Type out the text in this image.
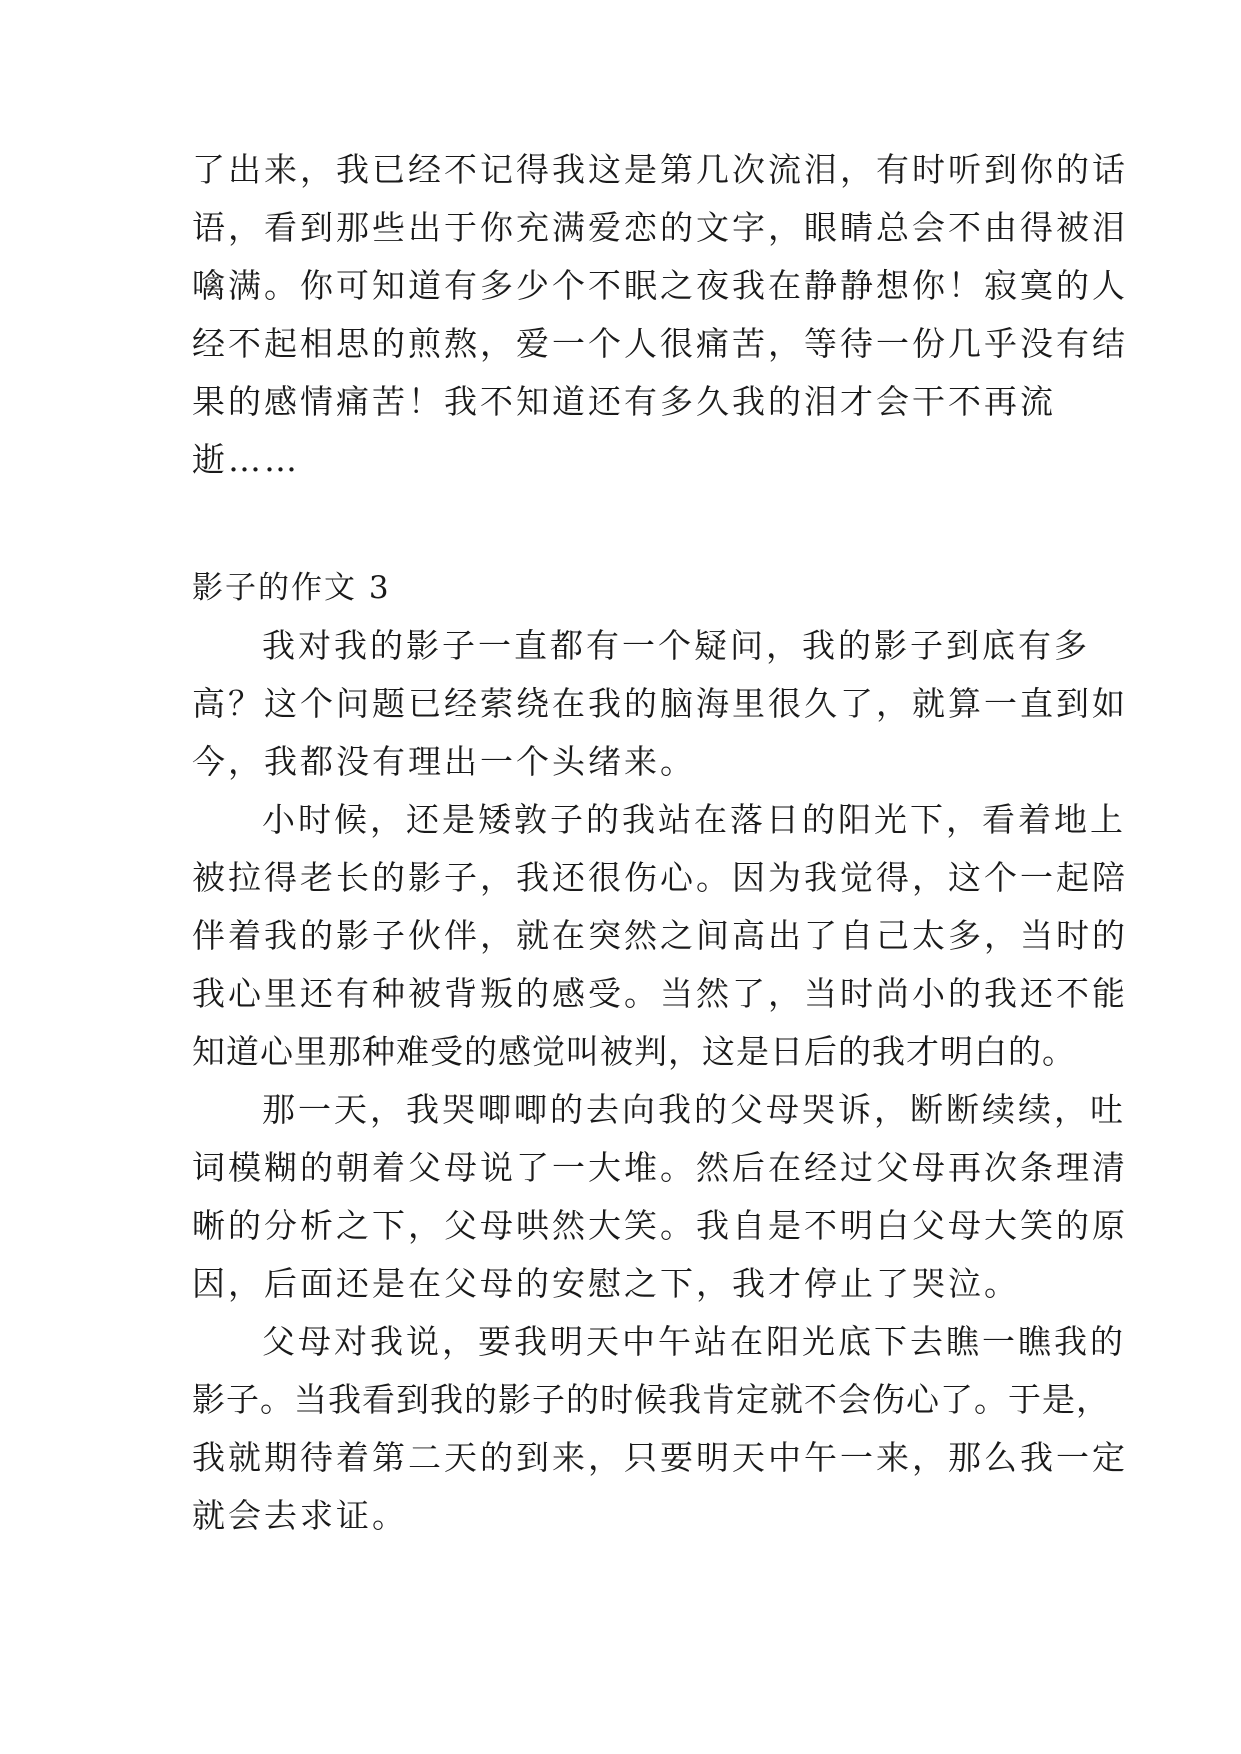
了出来，我已经不记得我这是第几次流泪，有时听到你的话
语，看到那些出于你充满爱恋的文字，眼睛总会不由得被泪
噙满。你可知道有多少个不眠之夜我在静静想你！寂寞的人
经不起相思的煎熬，爱一个人很痛苦，等待一份几乎没有结
果的感情痛苦！我不知道还有多久我的泪才会干不再流
逝……
影子的作文 3
我对我的影子一直都有一个疑问，我的影子到底有多
高？这个问题已经萦绕在我的脑海里很久了，就算一直到如
今，我都没有理出一个头绪来。
小时候，还是矮敦子的我站在落日的阳光下，看着地上
被拉得老长的影子，我还很伤心。因为我觉得，这个一起陪
伴着我的影子伙伴，就在突然之间高出了自己太多，当时的
我心里还有种被背叛的感受。当然了，当时尚小的我还不能
知道心里那种难受的感觉叫被判，这是日后的我才明白的。
那一天，我哭唧唧的去向我的父母哭诉，断断续续，吐
词模糊的朝着父母说了一大堆。然后在经过父母再次条理清
晰的分析之下，父母哄然大笑。我自是不明白父母大笑的原
因，后面还是在父母的安慰之下，我才停止了哭泣。
父母对我说，要我明天中午站在阳光底下去瞧一瞧我的
影子。当我看到我的影子的时候我肯定就不会伤心了。于是，
我就期待着第二天的到来，只要明天中午一来，那么我一定
就会去求证。
